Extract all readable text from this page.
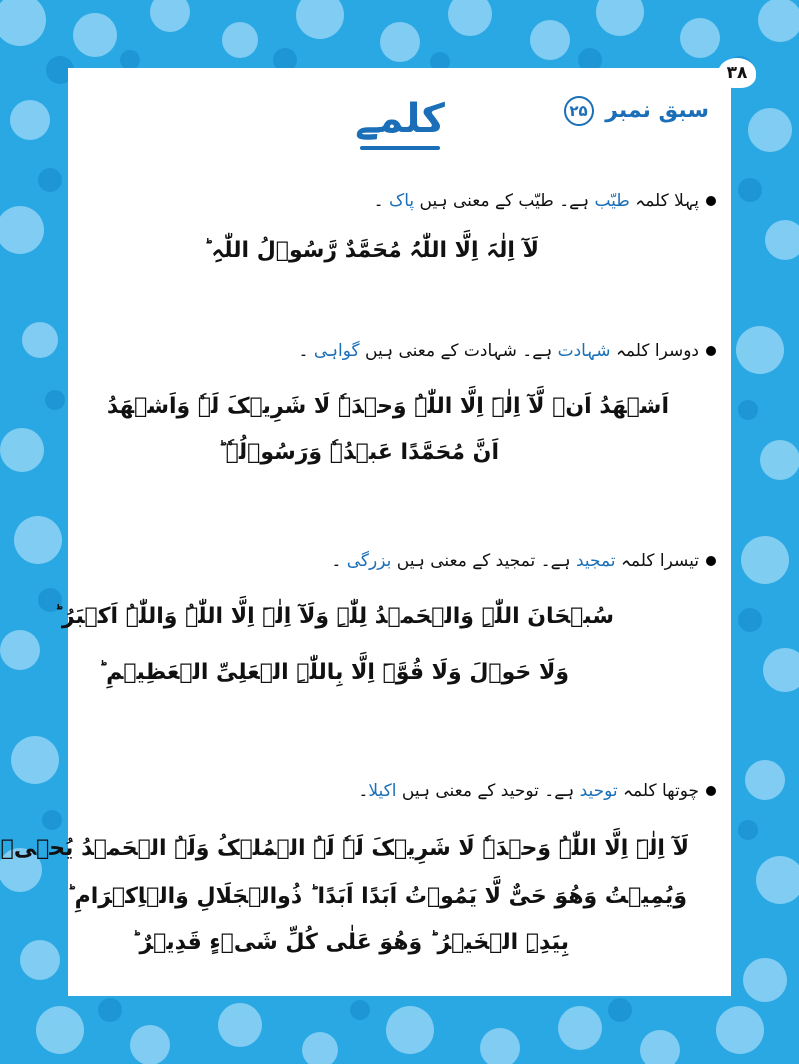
۳۸
سبق نمبر ۲۵
کلمے
پہلا کلمہ طیّب ہے۔ طیّب کے معنی ہیں پاک ۔
لَآ اِلٰہَ اِلَّا اللّٰہُ مُحَمَّدٌ رَّسُوۡلُ اللّٰہِ ؕ
دوسرا کلمہ شہادت ہے۔ شہادت کے معنی ہیں گواہی ۔
اَشۡھَدُ اَنۡ لَّآ اِلٰہَ اِلَّا اللّٰہُ وَحۡدَہٗ لَا شَرِیۡکَ لَہٗ وَاَشۡھَدُ
اَنَّ مُحَمَّدًا عَبۡدُہٗ وَرَسُوۡلُہٗ ؕ
تیسرا کلمہ تمجید ہے۔ تمجید کے معنی ہیں بزرگی ۔
سُبۡحَانَ اللّٰہِ وَالۡحَمۡدُ لِلّٰہِ وَلَآ اِلٰہَ اِلَّا اللّٰہُ وَاللّٰہُ اَکۡبَرُ ؕ
وَلَا حَوۡلَ وَلَا قُوَّۃَ اِلَّا بِاللّٰہِ الۡعَلِیِّ الۡعَظِیۡمِ ؕ
چوتھا کلمہ توحید ہے۔ توحید کے معنی ہیں اکیلا۔
لَآ اِلٰہَ اِلَّا اللّٰہُ وَحۡدَہٗ لَا شَرِیۡکَ لَہٗ لَہُ الۡمُلۡکُ وَلَہُ الۡحَمۡدُ یُحۡیٖ
وَیُمِیۡتُ وَھُوَ حَیٌّ لَّا یَمُوۡتُ اَبَدًا اَبَدًا ؕ ذُوالۡجَلَالِ وَالۡاِکۡرَامِ ؕ
بِیَدِہِ الۡخَیۡرُ ؕ وَھُوَ عَلٰی کُلِّ شَیۡءٍ قَدِیۡرٌ ؕ
